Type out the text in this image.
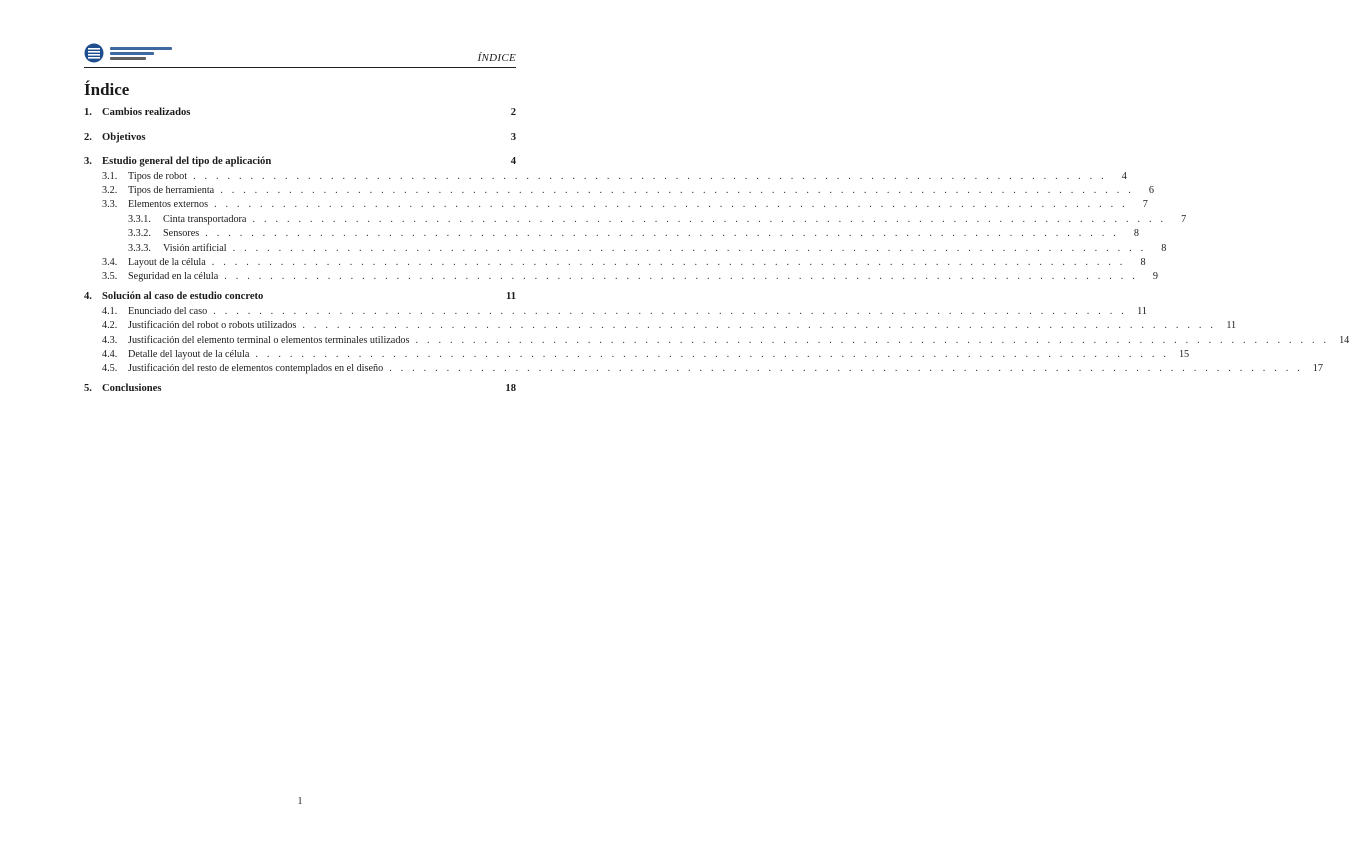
ÍNDICE
Índice
1. Cambios realizados	2
2. Objetivos	3
3. Estudio general del tipo de aplicación	4
3.1.	Tipos de robot . . . . . . . . . . . . . . . . . . . . . . . . . . . . . . . . . . . . . . . . . . . . . . . . . . . . . . . . . . . . . . . . . . . . . . . . . . . . . . . .	4
3.2.	Tipos de herramienta . . . . . . . . . . . . . . . . . . . . . . . . . . . . . . . . . . . . . . . . . . . . . . . . . . . . . . . . . . . . . . . . . . . . . . . . . . . . . . . .	6
3.3.	Elementos externos . . . . . . . . . . . . . . . . . . . . . . . . . . . . . . . . . . . . . . . . . . . . . . . . . . . . . . . . . . . . . . . . . . . . . . . . . . . . . . . .	7
3.3.1.	Cinta transportadora . . . . . . . . . . . . . . . . . . . . . . . . . . . . . . . . . . . . . . . . . . . . . . . . . . . . . . . . . . . . . . . . . . . . . . . . . . . . . . . .	7
3.3.2.	Sensores . . . . . . . . . . . . . . . . . . . . . . . . . . . . . . . . . . . . . . . . . . . . . . . . . . . . . . . . . . . . . . . . . . . . . . . . . . . . . . . .	8
3.3.3.	Visión artificial . . . . . . . . . . . . . . . . . . . . . . . . . . . . . . . . . . . . . . . . . . . . . . . . . . . . . . . . . . . . . . . . . . . . . . . . . . . . . . . .	8
3.4.	Layout de la célula . . . . . . . . . . . . . . . . . . . . . . . . . . . . . . . . . . . . . . . . . . . . . . . . . . . . . . . . . . . . . . . . . . . . . . . . . . . . . . . .	8
3.5.	Seguridad en la célula . . . . . . . . . . . . . . . . . . . . . . . . . . . . . . . . . . . . . . . . . . . . . . . . . . . . . . . . . . . . . . . . . . . . . . . . . . . . . . . .	9
4. Solución al caso de estudio concreto	11
4.1.	Enunciado del caso . . . . . . . . . . . . . . . . . . . . . . . . . . . . . . . . . . . . . . . . . . . . . . . . . . . . . . . . . . . . . . . . . . . . . . . . . . . . . . . . 11
4.2.	Justificación del robot o robots utilizados . . . . . . . . . . . . . . . . . . . . . . . . . . . . . . . . . . . . . . . . . . . . . . . . . . . . . . . . . . . . . . . . . . . . . . . . . . . . . . . . 11
4.3.	Justificación del elemento terminal o elementos terminales utilizados . . . . . . . . . . . . . . . . . . . . . . . . . . . . . . . . . . . . . . . . . . . . . . . . . . . . . . . . . . . . . . . . . . . . . . . . . . . . . . . . 14
4.4.	Detalle del layout de la célula . . . . . . . . . . . . . . . . . . . . . . . . . . . . . . . . . . . . . . . . . . . . . . . . . . . . . . . . . . . . . . . . . . . . . . . . . . . . . . . . 15
4.5.	Justificación del resto de elementos contemplados en el diseño . . . . . . . . . . . . . . . . . . . . . . . . . . . . . . . . . . . . . . . . . . . . . . . . . . . . . . . . . . . . . . . . . . . . . . . . . . . . . . . . 17
5. Conclusiones	18
1
